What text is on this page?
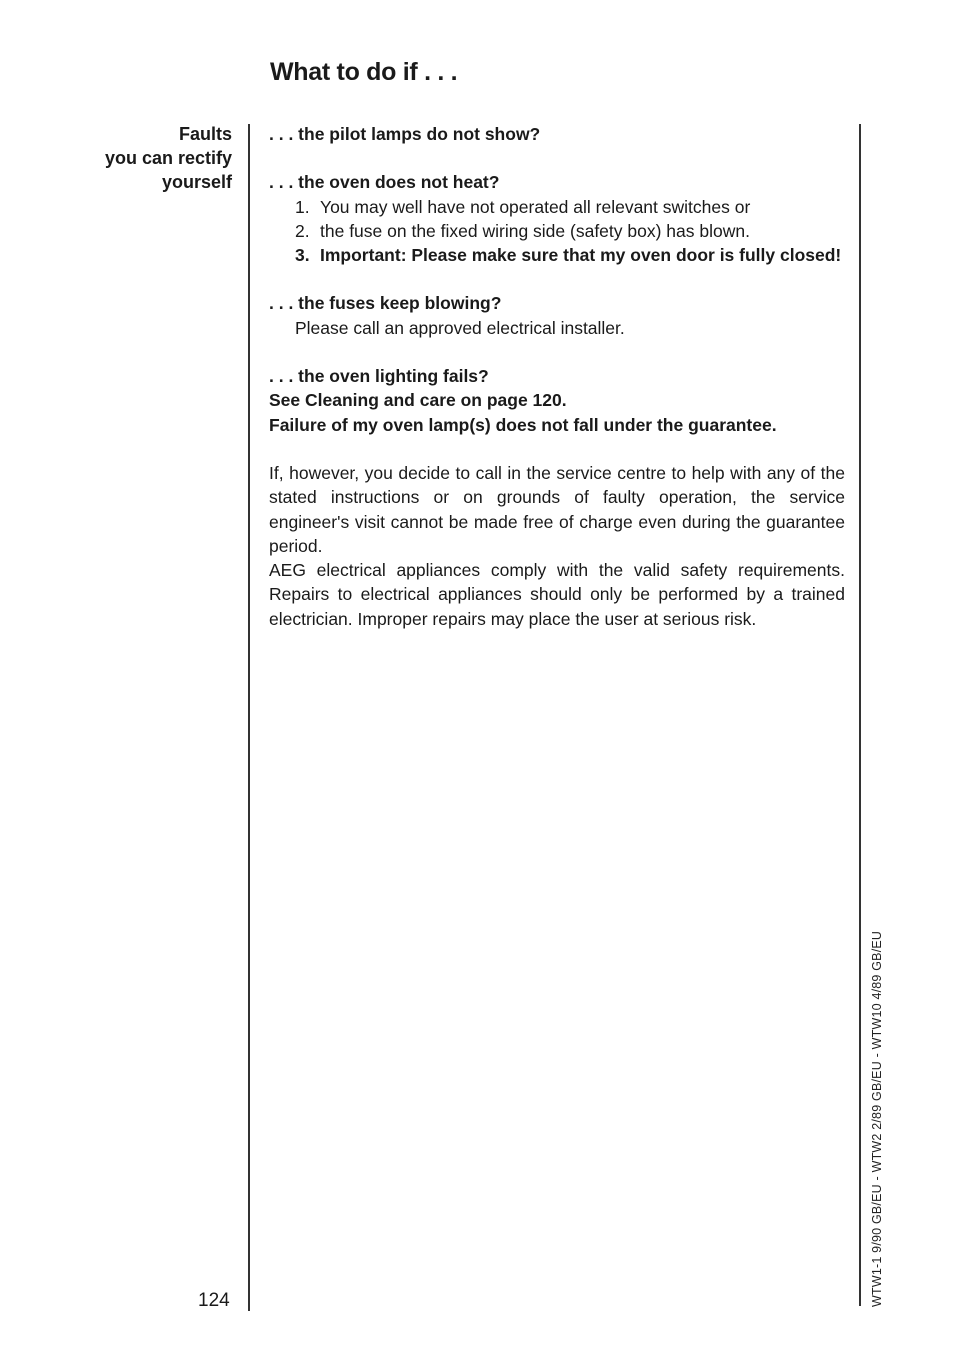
What to do if . . .
Faults
you can rectify
yourself

. . . the pilot lamps do not show?

. . . the oven does not heat?

1. You may well have not operated all relevant switches or
2. the fuse on the fixed wiring side (safety box) has blown.
3. Important: Please make sure that my oven door is fully closed!

. . . the fuses keep blowing?

Please call an approved electrical installer.

. . . the oven lighting fails?

See Cleaning and care on page 120.

Failure of my oven lamp(s) does not fall under the guarantee.

If, however, you decide to call in the service centre to help with any of the stated instructions or on grounds of faulty operation, the service engineer's visit cannot be made free of charge even during the guarantee period.

AEG electrical appliances comply with the valid safety requirements. Repairs to electrical appliances should only be performed by a trained electrician. Improper repairs may place the user at serious risk.

124	WTW1-1 9/90 GB/EU - WTW2 2/89 GB/EU - WTW10 4/89 GB/EU
